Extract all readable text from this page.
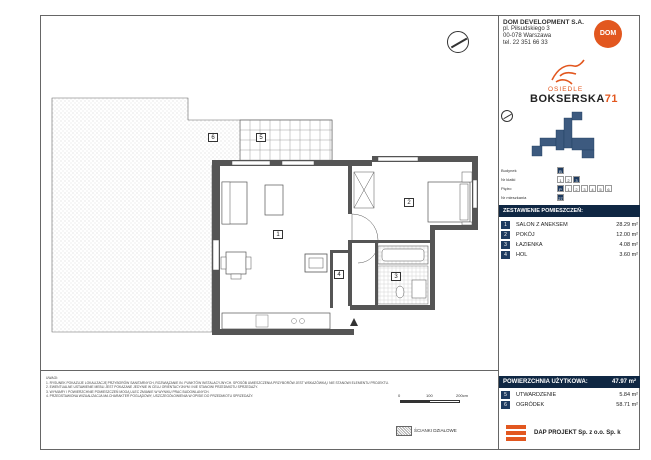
1
2
3
4
5
6
DOM DEVELOPMENT S.A.
pl. Piłsudskiego 3
00-078 Warszawa
tel. 22 351 66 33
DOM
OSIEDLE
BOKSERSKA71
Budynek	B
Nr klatki	1	2	3
Piętro	P	1	2	3	4	5	6
Nr mieszkania	27
ZESTAWIENIE POMIESZCZEŃ:
1	SALON Z ANEKSEM	28.29 m²
2	POKÓJ	12.00 m²
3	ŁAZIENKA	4.08 m²
4	HOL	3.60 m²
POWIERZCHNIA UŻYTKOWA:	47.97 m²
5	UTWARDZENIE	5.84 m²
6	OGRÓDEK	58.71 m²
DAP PROJEKT Sp. z o.o. Sp. k
UWAGI:
1. RYSUNEK POKAZUJE LOKALIZACJĘ PRZYBORÓW SANITARNYCH, ROZWIĄZANIE IN. PUNKTÓW INSTALACYJNYCH. SPOSÓB UMIESZCZENIA PRZYBORÓW JEST WSKAZÓWKĄ I NIE STANOWI ELEMENTU PROJEKTU.
2. EWENTUALNE USTAWIENIE MEBLI JEST POKAZANE JEDYNIE W CELU ORIENTACYJNYM I NIE STANOWI PRZEDMIOTU SPRZEDAŻY.
3. WYMIARY I POWIERZCHNIE POMIESZCZEŃ MOGĄ ULEC ZMIANIE W WYNIKU PRAC BUDOWLANYCH.
4. PRZEDSTAWIONA WIZUALIZACJA MA CHARAKTER POGLĄDOWY, USZCZEGÓŁOWIENIA W OPISIE DO PRZEDMIOTU SPRZEDAŻY.	0	100	200cm
ŚCIANKI DZIAŁOWE
